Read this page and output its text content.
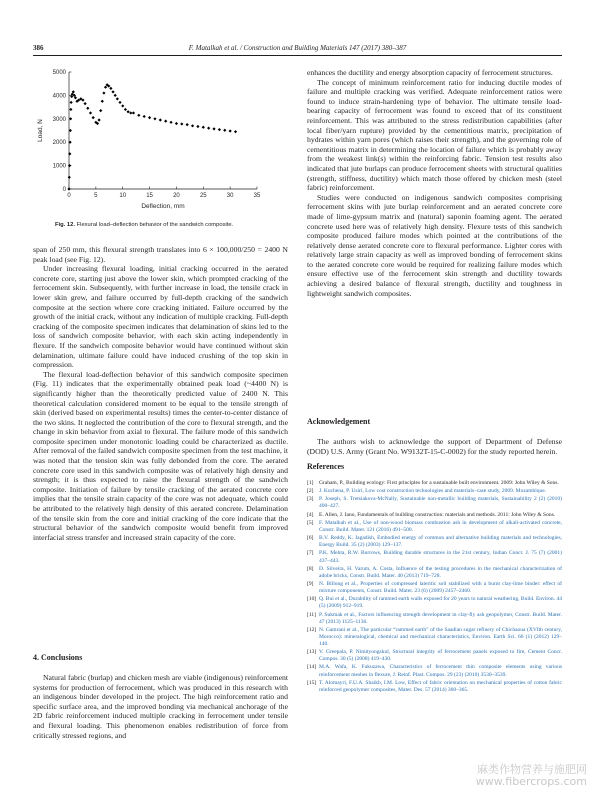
386	F. Matalkah et al. / Construction and Building Materials 147 (2017) 380–387
0	5	10	15	20	25	30	35
0
1000
2000
3000
4000
5000
Deflection, mm
Load, N
Fig. 12. Flexural load–deflection behavior of the sandwich composite.

span of 250 mm, this flexural strength translates into 6 × 100,000/250 = 2400 N peak load (see Fig. 12).

Under increasing flexural loading, initial cracking occurred in the aerated concrete core, starting just above the lower skin, which prompted cracking of the ferrocement skin. Subsequently, with further increase in load, the tensile crack in lower skin grew, and failure occurred by full-depth cracking of the sandwich composite at the section where core cracking initiated. Failure occurred by the growth of the initial crack, without any indication of multiple cracking. Full-depth cracking of the composite specimen indicates that delamination of skins led to the loss of sandwich composite behavior, with each skin acting independently in flexure. If the sandwich composite behavior would have continued without skin delamination, ultimate failure could have induced crushing of the top skin in compression.

The flexural load-deflection behavior of this sandwich composite specimen (Fig. 11) indicates that the experimentally obtained peak load (~4400 N) is significantly higher than the theoretically predicted value of 2400 N. This theoretical calculation considered moment to be equal to the tensile strength of skin (derived based on experimental results) times the center-to-center distance of the two skins. It neglected the contribution of the core to flexural strength, and the change in skin behavior from axial to flexural. The failure mode of this sandwich composite specimen under monotonic loading could be characterized as ductile. After removal of the failed sandwich composite specimen from the test machine, it was noted that the tension skin was fully debonded from the core. The aerated concrete core used in this sandwich composite was of relatively high density and strength; it is thus expected to raise the flexural strength of the sandwich composite. Initiation of failure by tensile cracking of the aerated concrete core implies that the tensile strain capacity of the core was not adequate, which could be attributed to the relatively high density of this aerated concrete. Delamination of the tensile skin from the core and initial cracking of the core indicate that the structural behavior of the sandwich composite would benefit from improved interfacial stress transfer and increased strain capacity of the core.

4. Conclusions

Natural fabric (burlap) and chicken mesh are viable (indigenous) reinforcement systems for production of ferrocement, which was produced in this research with an indigenous binder developed in the project. The high reinforcement ratio and specific surface area, and the improved bonding via mechanical anchorage of the 2D fabric reinforcement induced multiple cracking in ferrocement under tensile and flexural loading. This phenomenon enables redistribution of force from critically stressed regions, and

enhances the ductility and energy absorption capacity of ferrocement structures.

The concept of minimum reinforcement ratio for inducing ductile modes of failure and multiple cracking was verified. Adequate reinforcement ratios were found to induce strain-hardening type of behavior. The ultimate tensile load-bearing capacity of ferrocement was found to exceed that of its constituent reinforcement. This was attributed to the stress redistribution capabilities (after local fiber/yarn rupture) provided by the cementitious matrix, precipitation of hydrates within yarn pores (which raises their strength), and the governing role of cementitious matrix in determining the location of failure which is probably away from the weakest link(s) within the reinforcing fabric. Tension test results also indicated that jute burlaps can produce ferrocement sheets with structural qualities (strength, stiffness, ductility) which match those offered by chicken mesh (steel fabric) reinforcement.

Studies were conducted on indigenous sandwich composites comprising ferrocement skins with jute burlap reinforcement and an aerated concrete core made of lime-gypsum matrix and (natural) saponin foaming agent. The aerated concrete used here was of relatively high density. Flexure tests of this sandwich composite produced failure modes which pointed at the contributions of the relatively dense aerated concrete core to flexural performance. Lighter cores with relatively large strain capacity as well as improved bonding of ferrocement skins to the aerated concrete core would be required for realizing failure modes which ensure effective use of the ferrocement skin strength and ductility towards achieving a desired balance of flexural strength, ductility and toughness in lightweight sandwich composites.

Acknowledgement

The authors wish to acknowledge the support of Department of Defense (DOD) U.S. Army (Grant No. W9132T-15-C-0002) for the study reported herein.

References
[1]	Graham, P., Building ecology: First principles for a sustainable built environment. 2009: John Wiley & Sons.
[2]	J. Kuchena, P. Usiri, Low cost construction technologies and materials–case study, 2009. Mozambique.
[3]	P. Joseph, S. Tretsiakova-McNally, Sustainable non-metallic building materials, Sustainability 2 (2) (2010) 400–427.
[4]	E. Allen, J. Iano, Fundamentals of building construction: materials and methods. 2011: John Wiley & Sons.
[5]	F. Matalkah et al., Use of non-wood biomass combustion ash in development of alkali-activated concrete, Constr. Build. Mater. 121 (2016) 491–500.
[6]	B.V. Reddy, K. Jagadish, Embodied energy of common and alternative building materials and technologies, Energy Build. 35 (2) (2003) 129–137.
[7]	P.K. Mehta, R.W. Burrows, Building durable structures in the 21st century, Indian Concr. J. 75 (7) (2001) 437–443.
[8]	D. Silveira, H. Varum, A. Costa, Influence of the testing procedures in the mechanical characterization of adobe bricks, Constr. Build. Mater. 40 (2013) 719–728.
[9]	N. Billong et al., Properties of compressed lateritic soil stabilized with a burnt clay-lime binder: effect of mixture components, Constr. Build. Mater. 23 (6) (2009) 2457–2460.
[10] Q. Bui et al., Durability of rammed earth walls exposed for 20 years to natural weathering, Build. Environ. 44 (5) (2009) 912–919.
[11] P. Sukmak et al., Factors influencing strength development in clay-fly ash geopolymer, Constr. Build. Mater. 47 (2013) 1125–1136.
[12] N. Gamrani et al., The particular “rammed earth” of the Saadian sugar refinery of Chichaoua (XVIth century, Morocco): mineralogical, chemical and mechanical characteristics, Environ. Earth Sci. 66 (1) (2012) 129–140.
[13] V. Greepala, P. Nimityongskul, Structural integrity of ferrocement panels exposed to fire, Cement Concr. Compos. 30 (5) (2008) 419–430.
[14] M.A. Wafa, K. Fukuzawa, Characteristics of ferrocement thin composite elements using various reinforcement meshes in flexure, J. Reinf. Plast. Compos. 29 (23) (2010) 3530–3539.
[15] T. Alomayri, F.U.A. Shaikh, I.M. Low, Effect of fabric orientation on mechanical properties of cotton fabric reinforced geopolymer composites, Mater. Des. 57 (2014) 360–365.
麻类作物营养与施肥网
www.fibercrops.com
